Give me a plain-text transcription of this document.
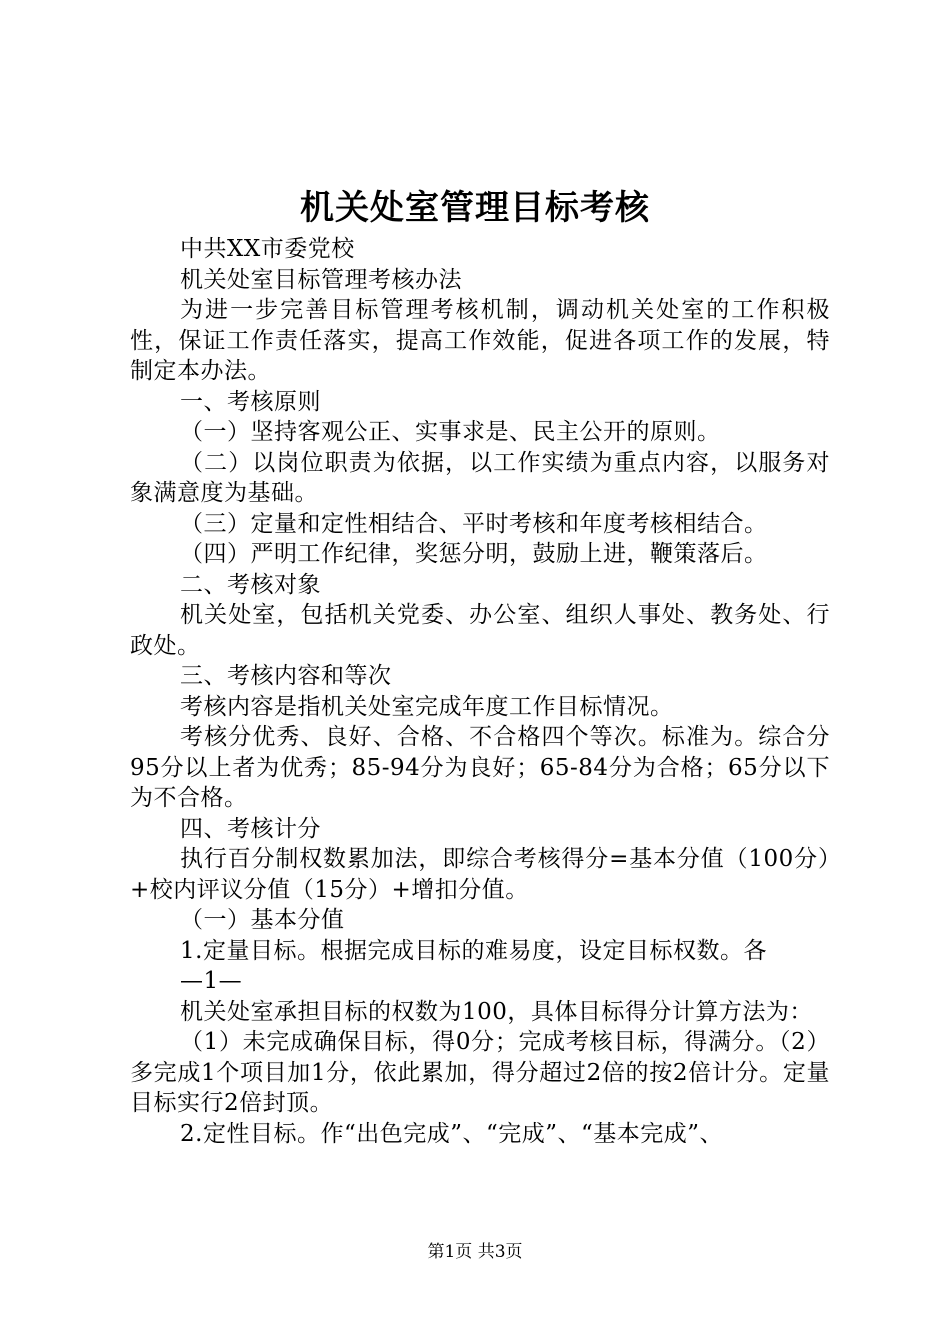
机关处室管理目标考核

中共XX市委党校

机关处室目标管理考核办法

为进一步完善目标管理考核机制，调动机关处室的工作积极性，保证工作责任落实，提高工作效能，促进各项工作的发展，特制定本办法。

一、考核原则

（一）坚持客观公正、实事求是、民主公开的原则。

（二）以岗位职责为依据，以工作实绩为重点内容，以服务对象满意度为基础。

（三）定量和定性相结合、平时考核和年度考核相结合。

（四）严明工作纪律，奖惩分明，鼓励上进，鞭策落后。

二、考核对象

机关处室，包括机关党委、办公室、组织人事处、教务处、行政处。

三、考核内容和等次

考核内容是指机关处室完成年度工作目标情况。

考核分优秀、良好、合格、不合格四个等次。标准为。综合分95分以上者为优秀；85-94分为良好；65-84分为合格；65分以下为不合格。

四、考核计分

执行百分制权数累加法，即综合考核得分=基本分值（100分）+校内评议分值（15分）+增扣分值。

（一）基本分值

1.定量目标。根据完成目标的难易度，设定目标权数。各

—1—

机关处室承担目标的权数为100，具体目标得分计算方法为：

（1）未完成确保目标，得0分；完成考核目标，得满分。（2）多完成1个项目加1分，依此累加，得分超过2倍的按2倍计分。定量目标实行2倍封顶。

2.定性目标。作“出色完成”、“完成”、“基本完成”、

第1页 共3页
